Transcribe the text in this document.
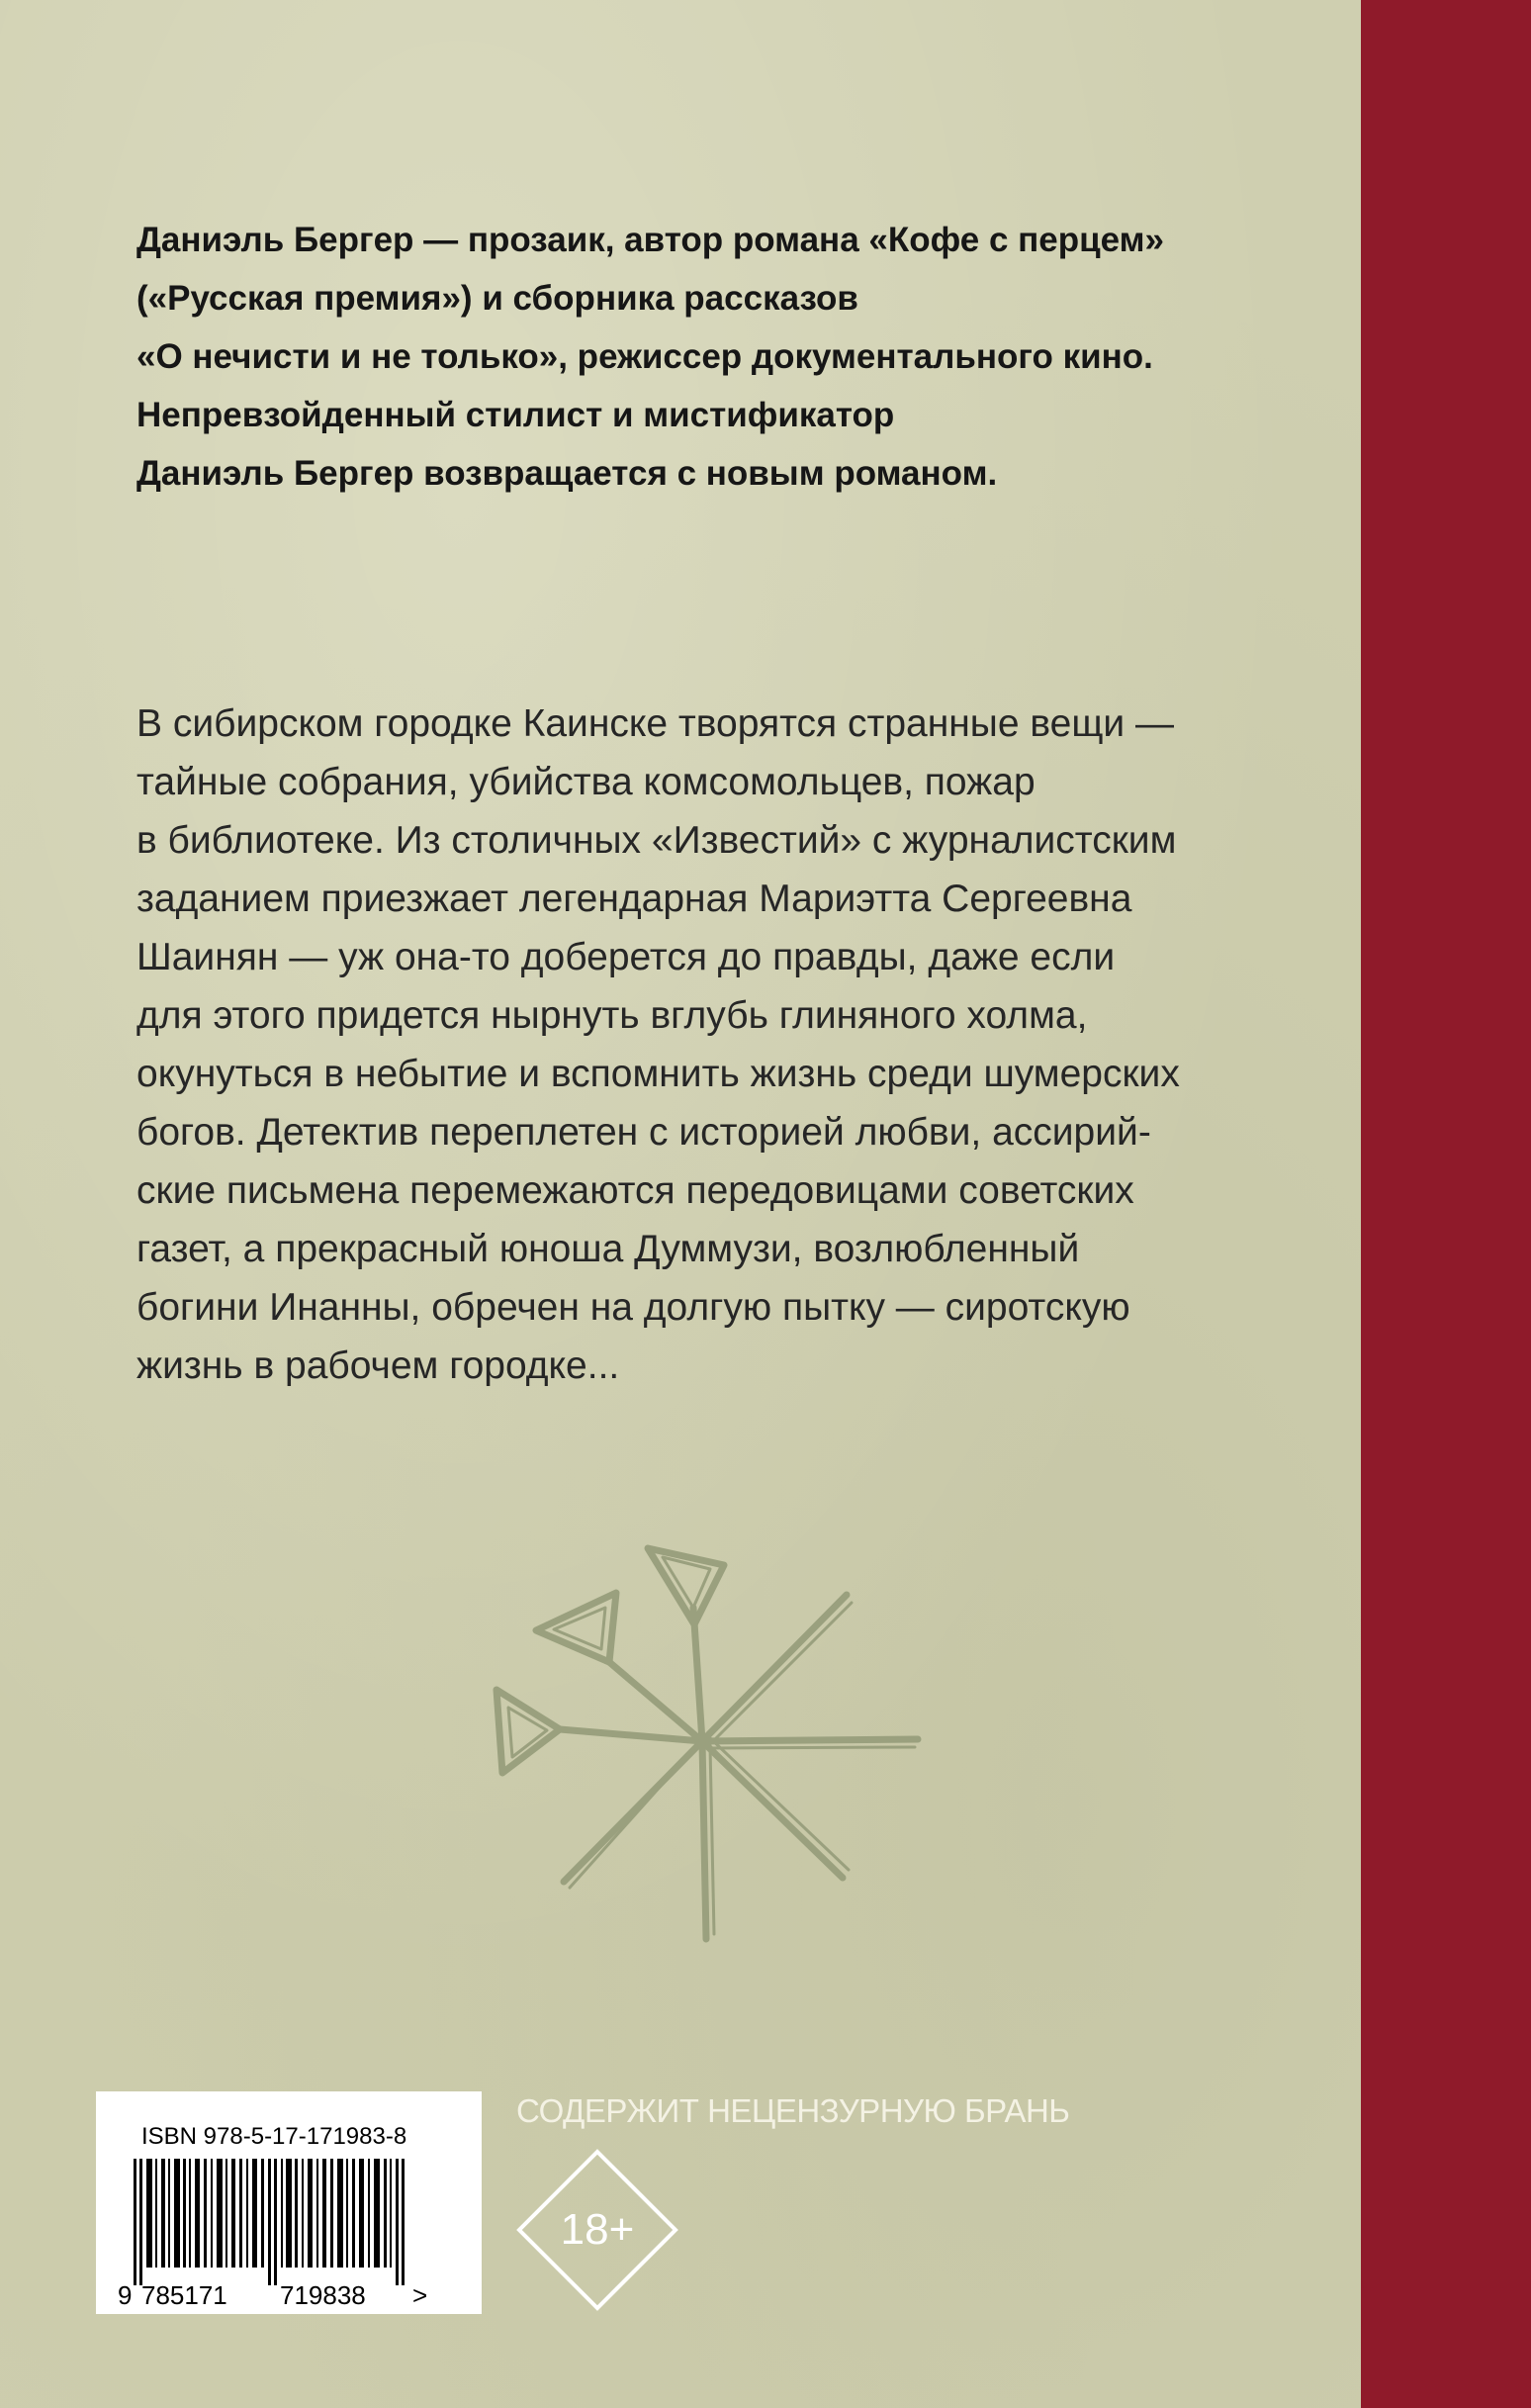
Даниэль Бергер — прозаик, автор романа «Кофе с перцем»
(«Русская премия») и сборника рассказов
«О нечисти и не только», режиссер документального кино.
Непревзойденный стилист и мистификатор
Даниэль Бергер возвращается с новым романом.

В сибирском городке Каинске творятся странные вещи —
тайные собрания, убийства комсомольцев, пожар
в библиотеке. Из столичных «Известий» с журналистским
заданием приезжает легендарная Мариэтта Сергеевна
Шаинян — уж она-то доберется до правды, даже если
для этого придется нырнуть вглубь глиняного холма,
окунуться в небытие и вспомнить жизнь среди шумерских
богов. Детектив переплетен с историей любви, ассирий-
ские письмена перемежаются передовицами советских
газет, а прекрасный юноша Думмузи, возлюбленный
богини Инанны, обречен на долгую пытку — сиротскую
жизнь в рабочем городке...

ISBN 978-5-17-171983-8
9 785171 719838 >
СОДЕРЖИТ НЕЦЕНЗУРНУЮ БРАНЬ
18+
